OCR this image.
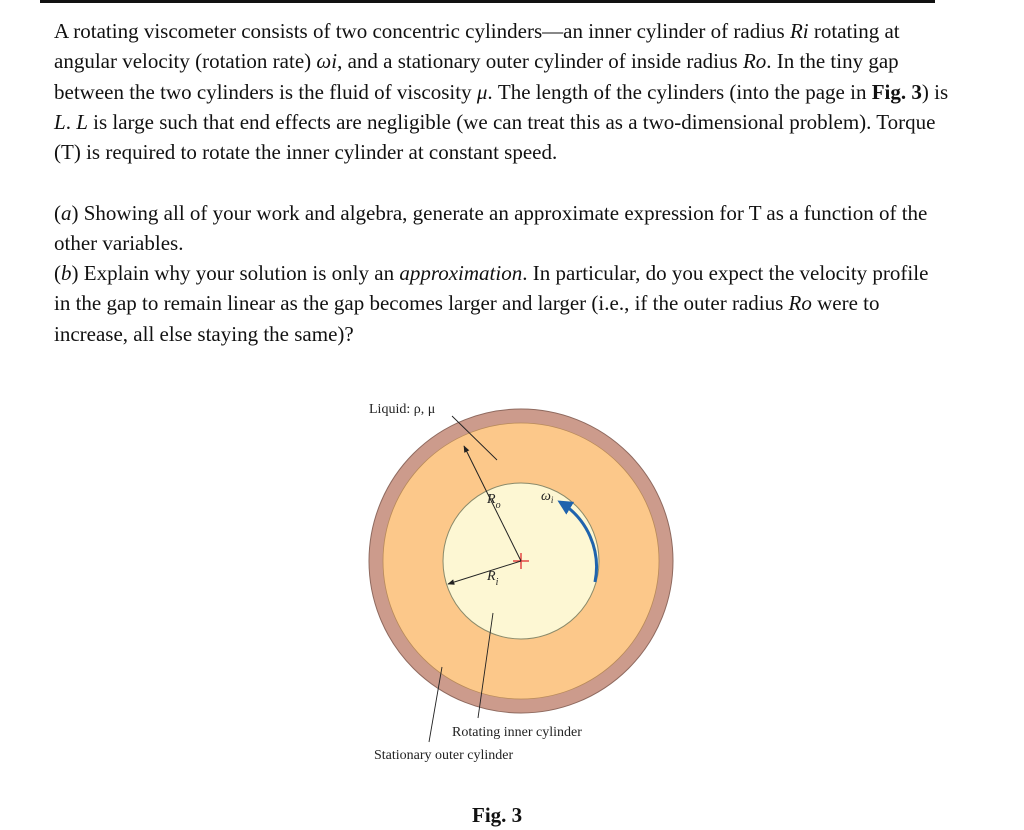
A rotating viscometer consists of two concentric cylinders—an inner cylinder of radius Ri rotating at angular velocity (rotation rate) ωi, and a stationary outer cylinder of inside radius Ro. In the tiny gap between the two cylinders is the fluid of viscosity μ. The length of the cylinders (into the page in Fig. 3) is L. L is large such that end effects are negligible (we can treat this as a two-dimensional problem). Torque (T) is required to rotate the inner cylinder at constant speed.

(a) Showing all of your work and algebra, generate an approximate expression for T as a function of the other variables.

(b) Explain why your solution is only an approximation. In particular, do you expect the velocity profile in the gap to remain linear as the gap becomes larger and larger (i.e., if the outer radius Ro were to increase, all else staying the same)?

Liquid: ρ, μ
$R_o$
$R_i$
$\omega_i$
Rotating inner cylinder
Stationary outer cylinder
Fig. 3
